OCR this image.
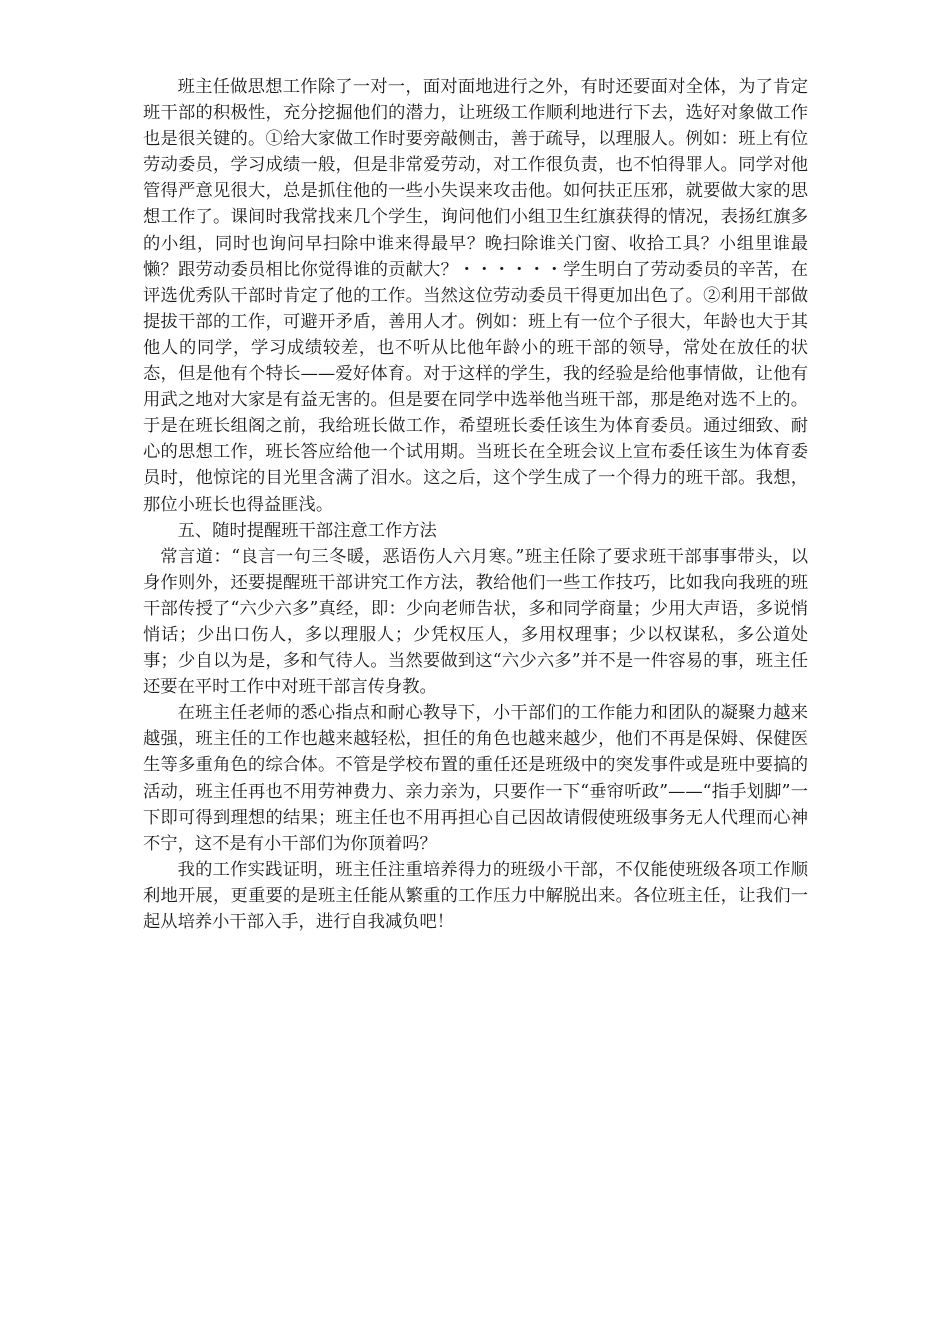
班主任做思想工作除了一对一，面对面地进行之外，有时还要面对全体，为了肯定班干部的积极性，充分挖掘他们的潜力，让班级工作顺利地进行下去，选好对象做工作也是很关键的。①给大家做工作时要旁敲侧击，善于疏导，以理服人。例如：班上有位劳动委员，学习成绩一般，但是非常爱劳动，对工作很负责，也不怕得罪人。同学对他管得严意见很大，总是抓住他的一些小失误来攻击他。如何扶正压邪，就要做大家的思想工作了。课间时我常找来几个学生，询问他们小组卫生红旗获得的情况，表扬红旗多的小组，同时也询问早扫除中谁来得最早？晚扫除谁关门窗、收拾工具？小组里谁最懒？跟劳动委员相比你觉得谁的贡献大？・・・・・・学生明白了劳动委员的辛苦，在评选优秀队干部时肯定了他的工作。当然这位劳动委员干得更加出色了。②利用干部做提拔干部的工作，可避开矛盾，善用人才。例如：班上有一位个子很大，年龄也大于其他人的同学，学习成绩较差，也不听从比他年龄小的班干部的领导，常处在放任的状态，但是他有个特长——爱好体育。对于这样的学生，我的经验是给他事情做，让他有用武之地对大家是有益无害的。但是要在同学中选举他当班干部，那是绝对选不上的。于是在班长组阁之前，我给班长做工作，希望班长委任该生为体育委员。通过细致、耐心的思想工作，班长答应给他一个试用期。当班长在全班会议上宣布委任该生为体育委员时，他惊诧的目光里含满了泪水。这之后，这个学生成了一个得力的班干部。我想，那位小班长也得益匪浅。

五、随时提醒班干部注意工作方法

常言道：“良言一句三冬暖，恶语伤人六月寒。”班主任除了要求班干部事事带头，以身作则外，还要提醒班干部讲究工作方法，教给他们一些工作技巧，比如我向我班的班干部传授了“六少六多”真经，即：少向老师告状，多和同学商量；少用大声语，多说悄悄话；少出口伤人，多以理服人；少凭权压人，多用权理事；少以权谋私，多公道处事；少自以为是，多和气待人。当然要做到这“六少六多”并不是一件容易的事，班主任还要在平时工作中对班干部言传身教。

在班主任老师的悉心指点和耐心教导下，小干部们的工作能力和团队的凝聚力越来越强，班主任的工作也越来越轻松，担任的角色也越来越少，他们不再是保姆、保健医生等多重角色的综合体。不管是学校布置的重任还是班级中的突发事件或是班中要搞的活动，班主任再也不用劳神费力、亲力亲为，只要作一下“垂帘听政”——“指手划脚”一下即可得到理想的结果；班主任也不用再担心自己因故请假使班级事务无人代理而心神不宁，这不是有小干部们为你顶着吗？

我的工作实践证明，班主任注重培养得力的班级小干部，不仅能使班级各项工作顺利地开展，更重要的是班主任能从繁重的工作压力中解脱出来。各位班主任，让我们一起从培养小干部入手，进行自我减负吧！
